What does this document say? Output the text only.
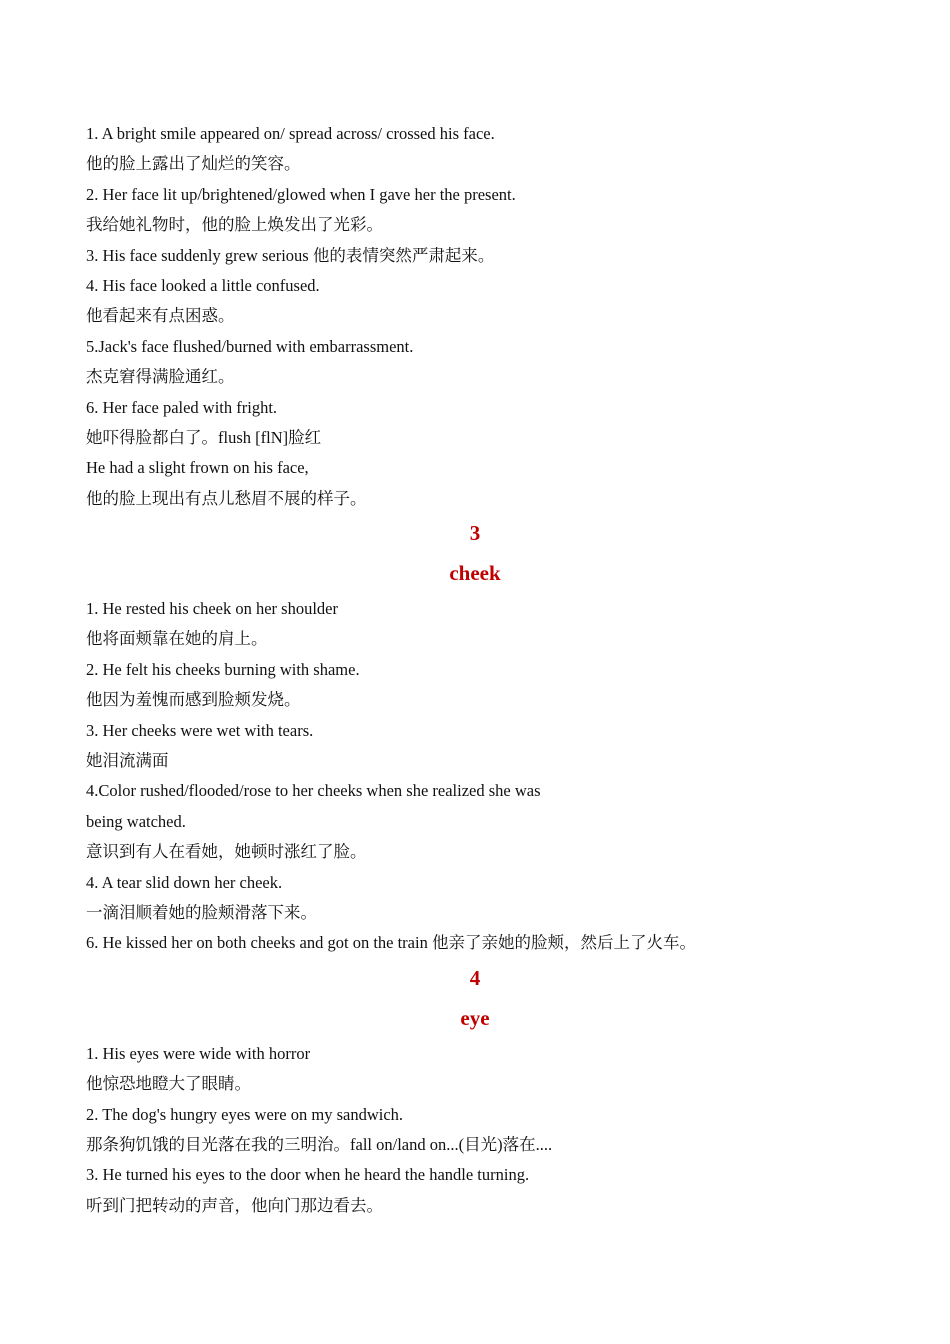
1. A bright smile appeared on/ spread across/ crossed his face.
他的脸上露出了灿烂的笑容。
2. Her face lit up/brightened/glowed when I gave her the present.
我给她礼物时，他的脸上焕发出了光彩。
3. His face suddenly grew serious 他的表情突然严肃起来。
4. His face looked a little confused.
他看起来有点困惑。
5.Jack's face flushed/burned with embarrassment.
杰克窘得满脸通红。
6. Her face paled with fright.
她吓得脸都白了。flush [flN]脸红
He had a slight frown on his face,
他的脸上现出有点儿愁眉不展的样子。
3
cheek
1. He rested his cheek on her shoulder
他将面颊靠在她的肩上。
2. He felt his cheeks burning with shame.
他因为羞愧而感到脸颊发烧。
3. Her cheeks were wet with tears.
她泪流满面
4.Color rushed/flooded/rose to her cheeks when she realized she was
being watched.
意识到有人在看她，她顿时涨红了脸。
4. A tear slid down her cheek.
一滴泪顺着她的脸颊滑落下来。
6. He kissed her on both cheeks and got on the train 他亲了亲她的脸颊，然后上了火车。
4
eye
1. His eyes were wide with horror
他惊恐地瞪大了眼睛。
2. The dog's hungry eyes were on my sandwich.
那条狗饥饿的目光落在我的三明治。fall on/land on...(目光)落在....
3. He turned his eyes to the door when he heard the handle turning.
听到门把转动的声音，他向门那边看去。
